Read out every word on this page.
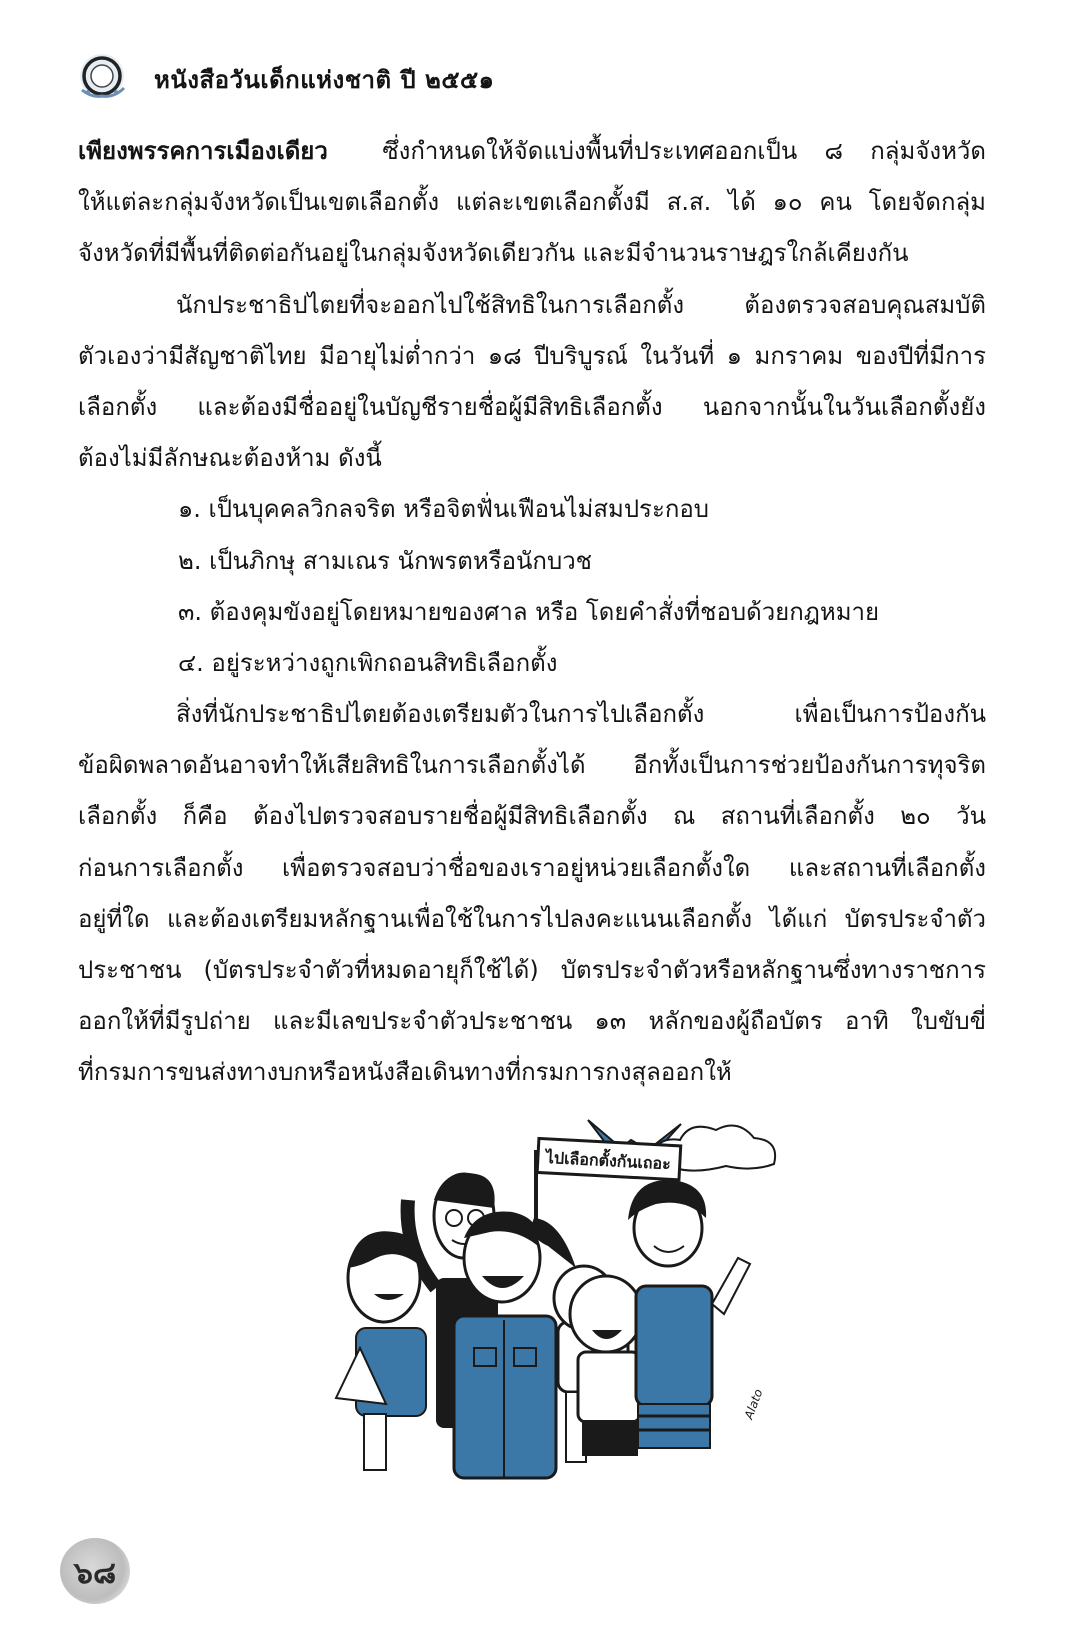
หนังสือวันเด็กแห่งชาติ ปี ๒๕๕๑
เพียงพรรคการเมืองเดียว ซึ่งกำหนดให้จัดแบ่งพื้นที่ประเทศออกเป็น ๘ กลุ่มจังหวัด
ให้แต่ละกลุ่มจังหวัดเป็นเขตเลือกตั้ง แต่ละเขตเลือกตั้งมี ส.ส. ได้ ๑๐ คน โดยจัดกลุ่ม
จังหวัดที่มีพื้นที่ติดต่อกันอยู่ในกลุ่มจังหวัดเดียวกัน และมีจำนวนราษฎรใกล้เคียงกัน
นักประชาธิปไตยที่จะออกไปใช้สิทธิในการเลือกตั้ง ต้องตรวจสอบคุณสมบัติ
ตัวเองว่ามีสัญชาติไทย มีอายุไม่ต่ำกว่า ๑๘ ปีบริบูรณ์ ในวันที่ ๑ มกราคม ของปีที่มีการ
เลือกตั้ง และต้องมีชื่ออยู่ในบัญชีรายชื่อผู้มีสิทธิเลือกตั้ง นอกจากนั้นในวันเลือกตั้งยัง
ต้องไม่มีลักษณะต้องห้าม ดังนี้
๑. เป็นบุคคลวิกลจริต หรือจิตฟั่นเฟือนไม่สมประกอบ
๒. เป็นภิกษุ สามเณร นักพรตหรือนักบวช
๓. ต้องคุมขังอยู่โดยหมายของศาล หรือ โดยคำสั่งที่ชอบด้วยกฎหมาย
๔. อยู่ระหว่างถูกเพิกถอนสิทธิเลือกตั้ง
สิ่งที่นักประชาธิปไตยต้องเตรียมตัวในการไปเลือกตั้ง เพื่อเป็นการป้องกัน
ข้อผิดพลาดอันอาจทำให้เสียสิทธิในการเลือกตั้งได้ อีกทั้งเป็นการช่วยป้องกันการทุจริต
เลือกตั้ง ก็คือ ต้องไปตรวจสอบรายชื่อผู้มีสิทธิเลือกตั้ง ณ สถานที่เลือกตั้ง ๒๐ วัน
ก่อนการเลือกตั้ง เพื่อตรวจสอบว่าชื่อของเราอยู่หน่วยเลือกตั้งใด และสถานที่เลือกตั้ง
อยู่ที่ใด และต้องเตรียมหลักฐานเพื่อใช้ในการไปลงคะแนนเลือกตั้ง ได้แก่ บัตรประจำตัว
ประชาชน (บัตรประจำตัวที่หมดอายุก็ใช้ได้) บัตรประจำตัวหรือหลักฐานซึ่งทางราชการ
ออกให้ที่มีรูปถ่าย และมีเลขประจำตัวประชาชน ๑๓ หลักของผู้ถือบัตร อาทิ ใบขับขี่
ที่กรมการขนส่งทางบกหรือหนังสือเดินทางที่กรมการกงสุลออกให้
ไปเลือกตั้งกันเถอะ
Alato
๖๘
